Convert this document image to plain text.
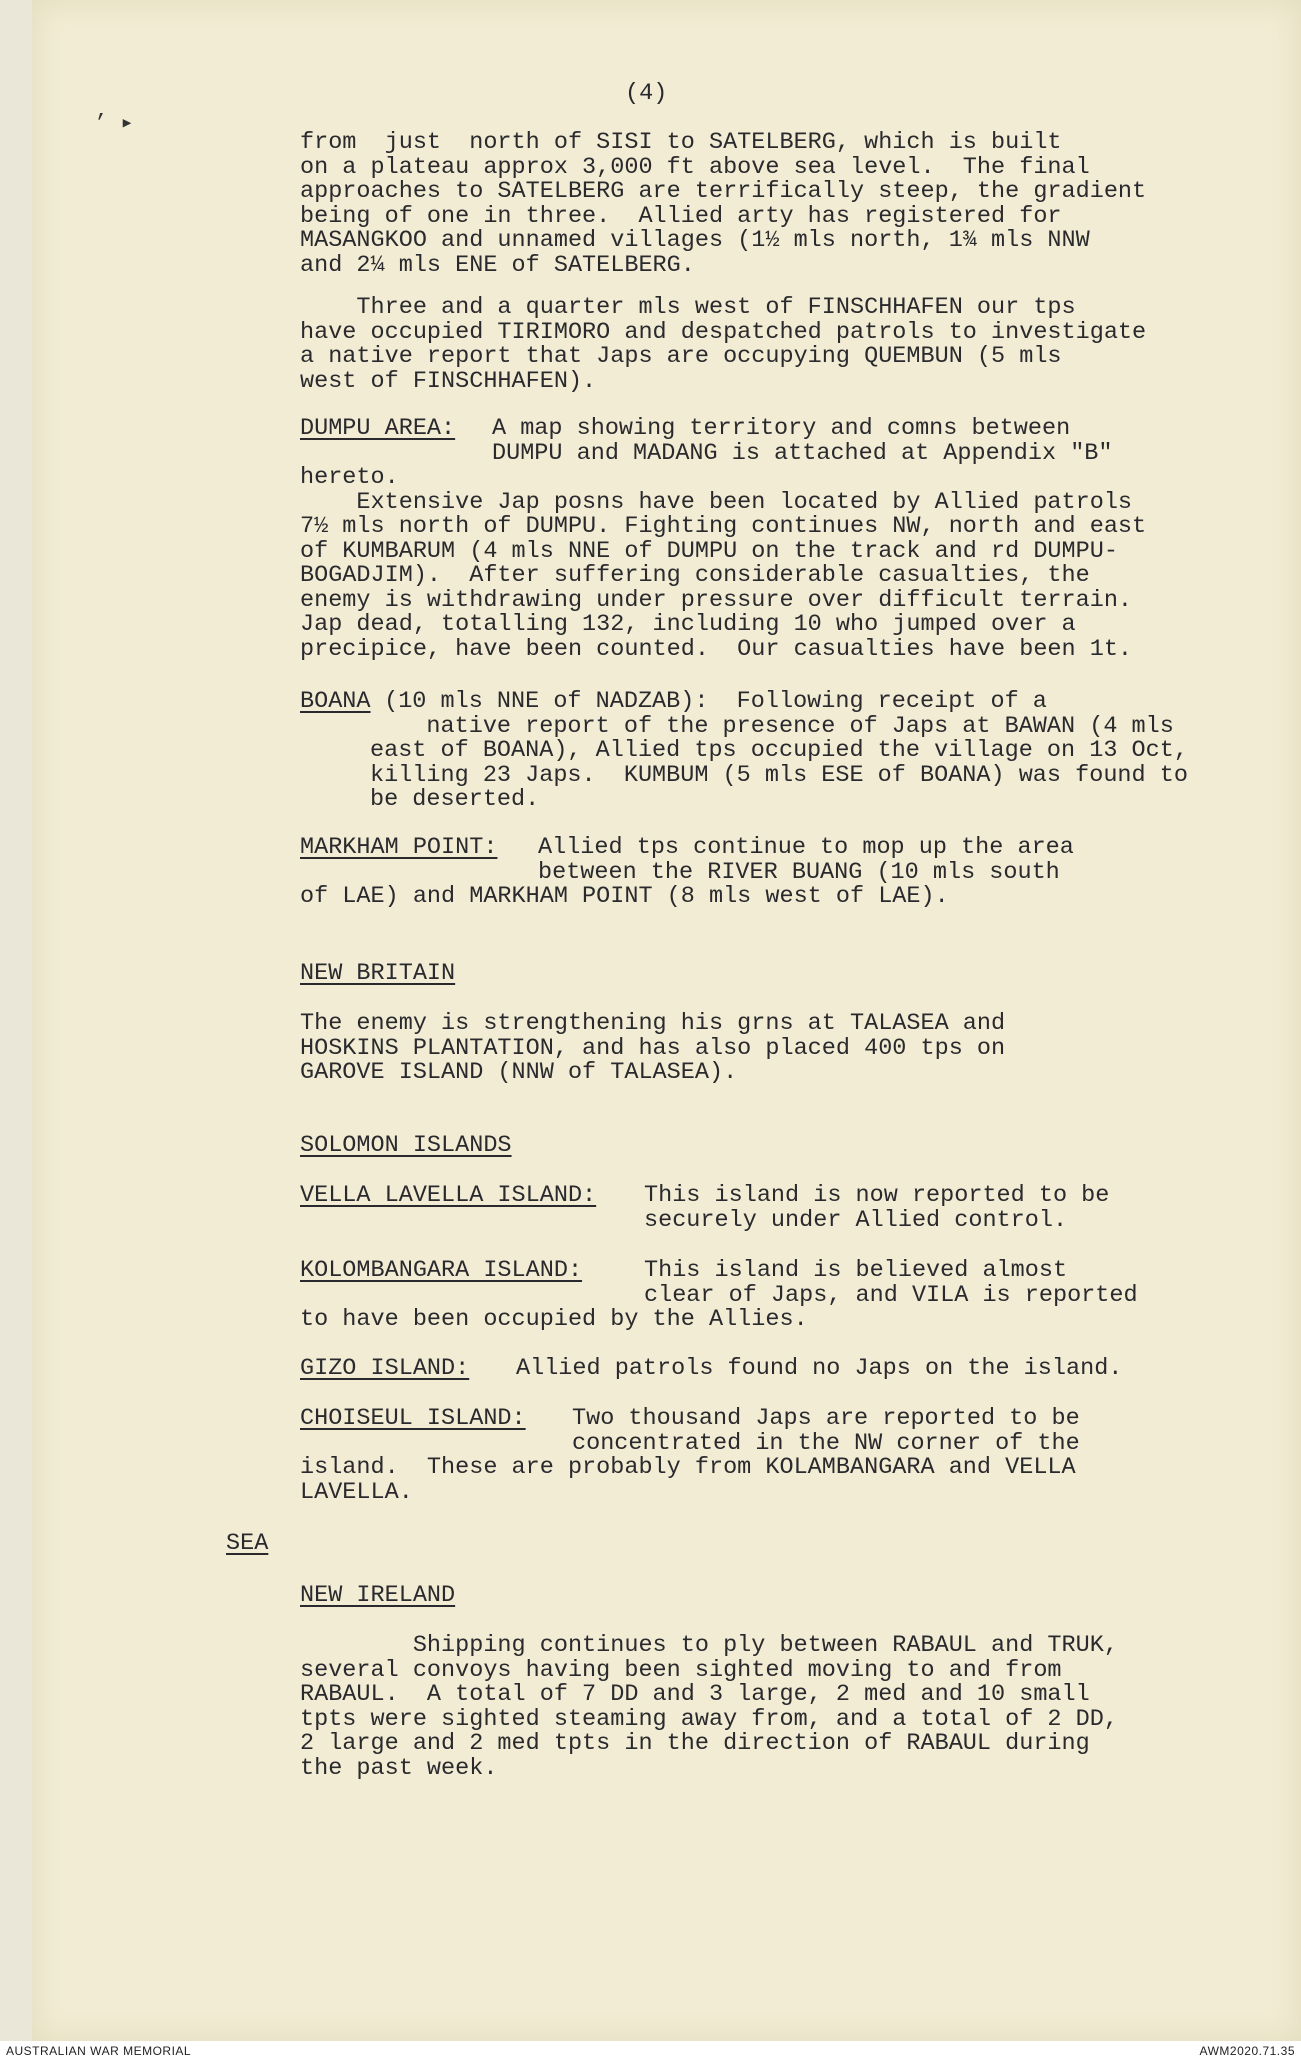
’ ▸
(4)
from  just  north of SISI to SATELBERG, which is built
on a plateau approx 3,000 ft above sea level.  The final
approaches to SATELBERG are terrifically steep, the gradient
being of one in three.  Allied arty has registered for
MASANGKOO and unnamed villages (1½ mls north, 1¾ mls NNW
and 2¼ mls ENE of SATELBERG.
Three and a quarter mls west of FINSCHHAFEN our tps
have occupied TIRIMORO and despatched patrols to investigate
a native report that Japs are occupying QUEMBUN (5 mls
west of FINSCHHAFEN).
DUMPU AREA: A map showing territory and comns between
DUMPU and MADANG is attached at Appendix "B"
hereto.
Extensive Jap posns have been located by Allied patrols
7½ mls north of DUMPU. Fighting continues NW, north and east
of KUMBARUM (4 mls NNE of DUMPU on the track and rd DUMPU-
BOGADJIM).  After suffering considerable casualties, the
enemy is withdrawing under pressure over difficult terrain.
Jap dead, totalling 132, including 10 who jumped over a
precipice, have been counted.  Our casualties have been 1t.
BOANA (10 mls NNE of NADZAB):  Following receipt of a
native report of the presence of Japs at BAWAN (4 mls
east of BOANA), Allied tps occupied the village on 13 Oct,
killing 23 Japs.  KUMBUM (5 mls ESE of BOANA) was found to
be deserted.
MARKHAM POINT: Allied tps continue to mop up the area
between the RIVER BUANG (10 mls south
of LAE) and MARKHAM POINT (8 mls west of LAE).
NEW BRITAIN
The enemy is strengthening his grns at TALASEA and
HOSKINS PLANTATION, and has also placed 400 tps on
GAROVE ISLAND (NNW of TALASEA).
SOLOMON ISLANDS
VELLA LAVELLA ISLAND: This island is now reported to be
securely under Allied control.
KOLOMBANGARA ISLAND:	This island is believed almost
clear of Japs, and VILA is reported
to have been occupied by the Allies.
GIZO ISLAND: Allied patrols found no Japs on the island.
CHOISEUL ISLAND: Two thousand Japs are reported to be
concentrated in the NW corner of the
island.  These are probably from KOLAMBANGARA and VELLA
LAVELLA.
SEA
NEW IRELAND
Shipping continues to ply between RABAUL and TRUK,
several convoys having been sighted moving to and from
RABAUL.  A total of 7 DD and 3 large, 2 med and 10 small
tpts were sighted steaming away from, and a total of 2 DD,
2 large and 2 med tpts in the direction of RABAUL during
the past week.
AUSTRALIAN WAR MEMORIAL	AWM2020.71.35
